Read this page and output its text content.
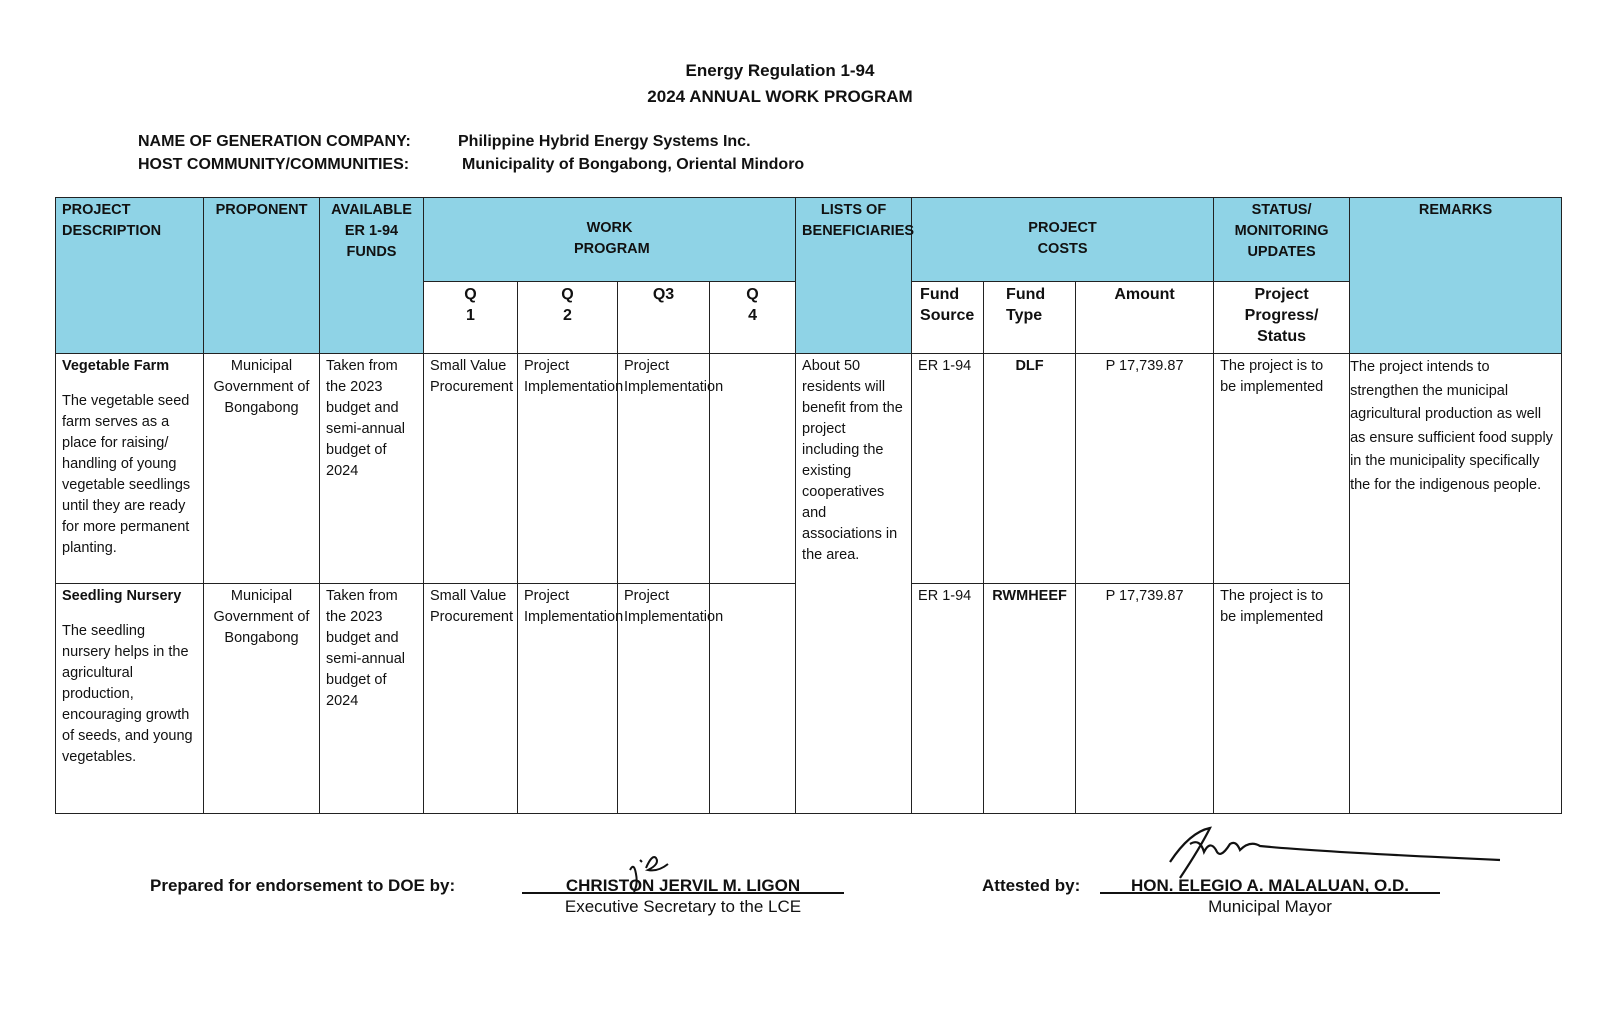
Energy Regulation 1-94
2024 ANNUAL WORK PROGRAM
NAME OF GENERATION COMPANY:	Philippine Hybrid Energy Systems Inc.
HOST COMMUNITY/COMMUNITIES:	Municipality of Bongabong, Oriental Mindoro
PROJECT DESCRIPTION	PROPONENT	AVAILABLE ER 1-94 FUNDS	WORK PROGRAM				LISTS OF BENEFICIARIES	PROJECT COSTS			STATUS/ MONITORING UPDATES	REMARKS
			Q 1	Q 2	Q3	Q 4		Fund Source	Fund Type	Amount	Project Progress/ Status	

Vegetable Farm
The vegetable seed farm serves as a place for raising/ handling of young vegetable seedlings until they are ready for more permanent planting.	Municipal Government of Bongabong	Taken from the 2023 budget and semi-annual budget of 2024	Small Value Procurement	Project Implementation	Project Implementation		About 50 residents will benefit from the project including the existing cooperatives and associations in the area.	ER 1-94	DLF	P 17,739.87	The project is to be implemented	The project intends to strengthen the municipal agricultural production as well as ensure sufficient food supply in the municipality specifically the for the indigenous people.

Seedling Nursery
The seedling nursery helps in the agricultural production, encouraging growth of seeds, and young vegetables.	Municipal Government of Bongabong	Taken from the 2023 budget and semi-annual budget of 2024	Small Value Procurement	Project Implementation	Project Implementation			ER 1-94	RWMHEEF	P 17,739.87	The project is to be implemented	
Prepared for endorsement to DOE by:	CHRISTON JERVIL M. LIGON
Executive Secretary to the LCE
Attested by:	HON. ELEGIO A. MALALUAN, O.D.
Municipal Mayor
